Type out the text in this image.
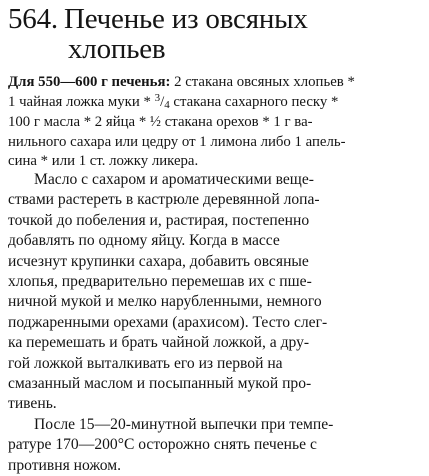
564. Печенье из овсяных
хлопьев
Для 550—600 г печенья: 2 стакана овсяных хлопьев *
1 чайная ложка муки * $^3$/4 стакана сахарного песку *
100 г масла * 2 яйца * ½ стакана орехов * 1 г ва-
нильного сахара или цедру от 1 лимона либо 1 апель-
сина * или 1 ст. ложку ликера.
Масло с сахаром и ароматическими веще-
ствами растереть в кастрюле деревянной лопа-
точкой до побеления и, растирая, постепенно
добавлять по одному яйцу. Когда в массе
исчезнут крупинки сахара, добавить овсяные
хлопья, предварительно перемешав их с пше-
ничной мукой и мелко нарубленными, немного
поджаренными орехами (арахисом). Тесто слег-
ка перемешать и брать чайной ложкой, а дру-
гой ложкой выталкивать его из первой на
смазанный маслом и посыпанный мукой про-
тивень.
После 15—20-минутной выпечки при темпе-
ратуре 170—200°С осторожно снять печенье с
противня ножом.
